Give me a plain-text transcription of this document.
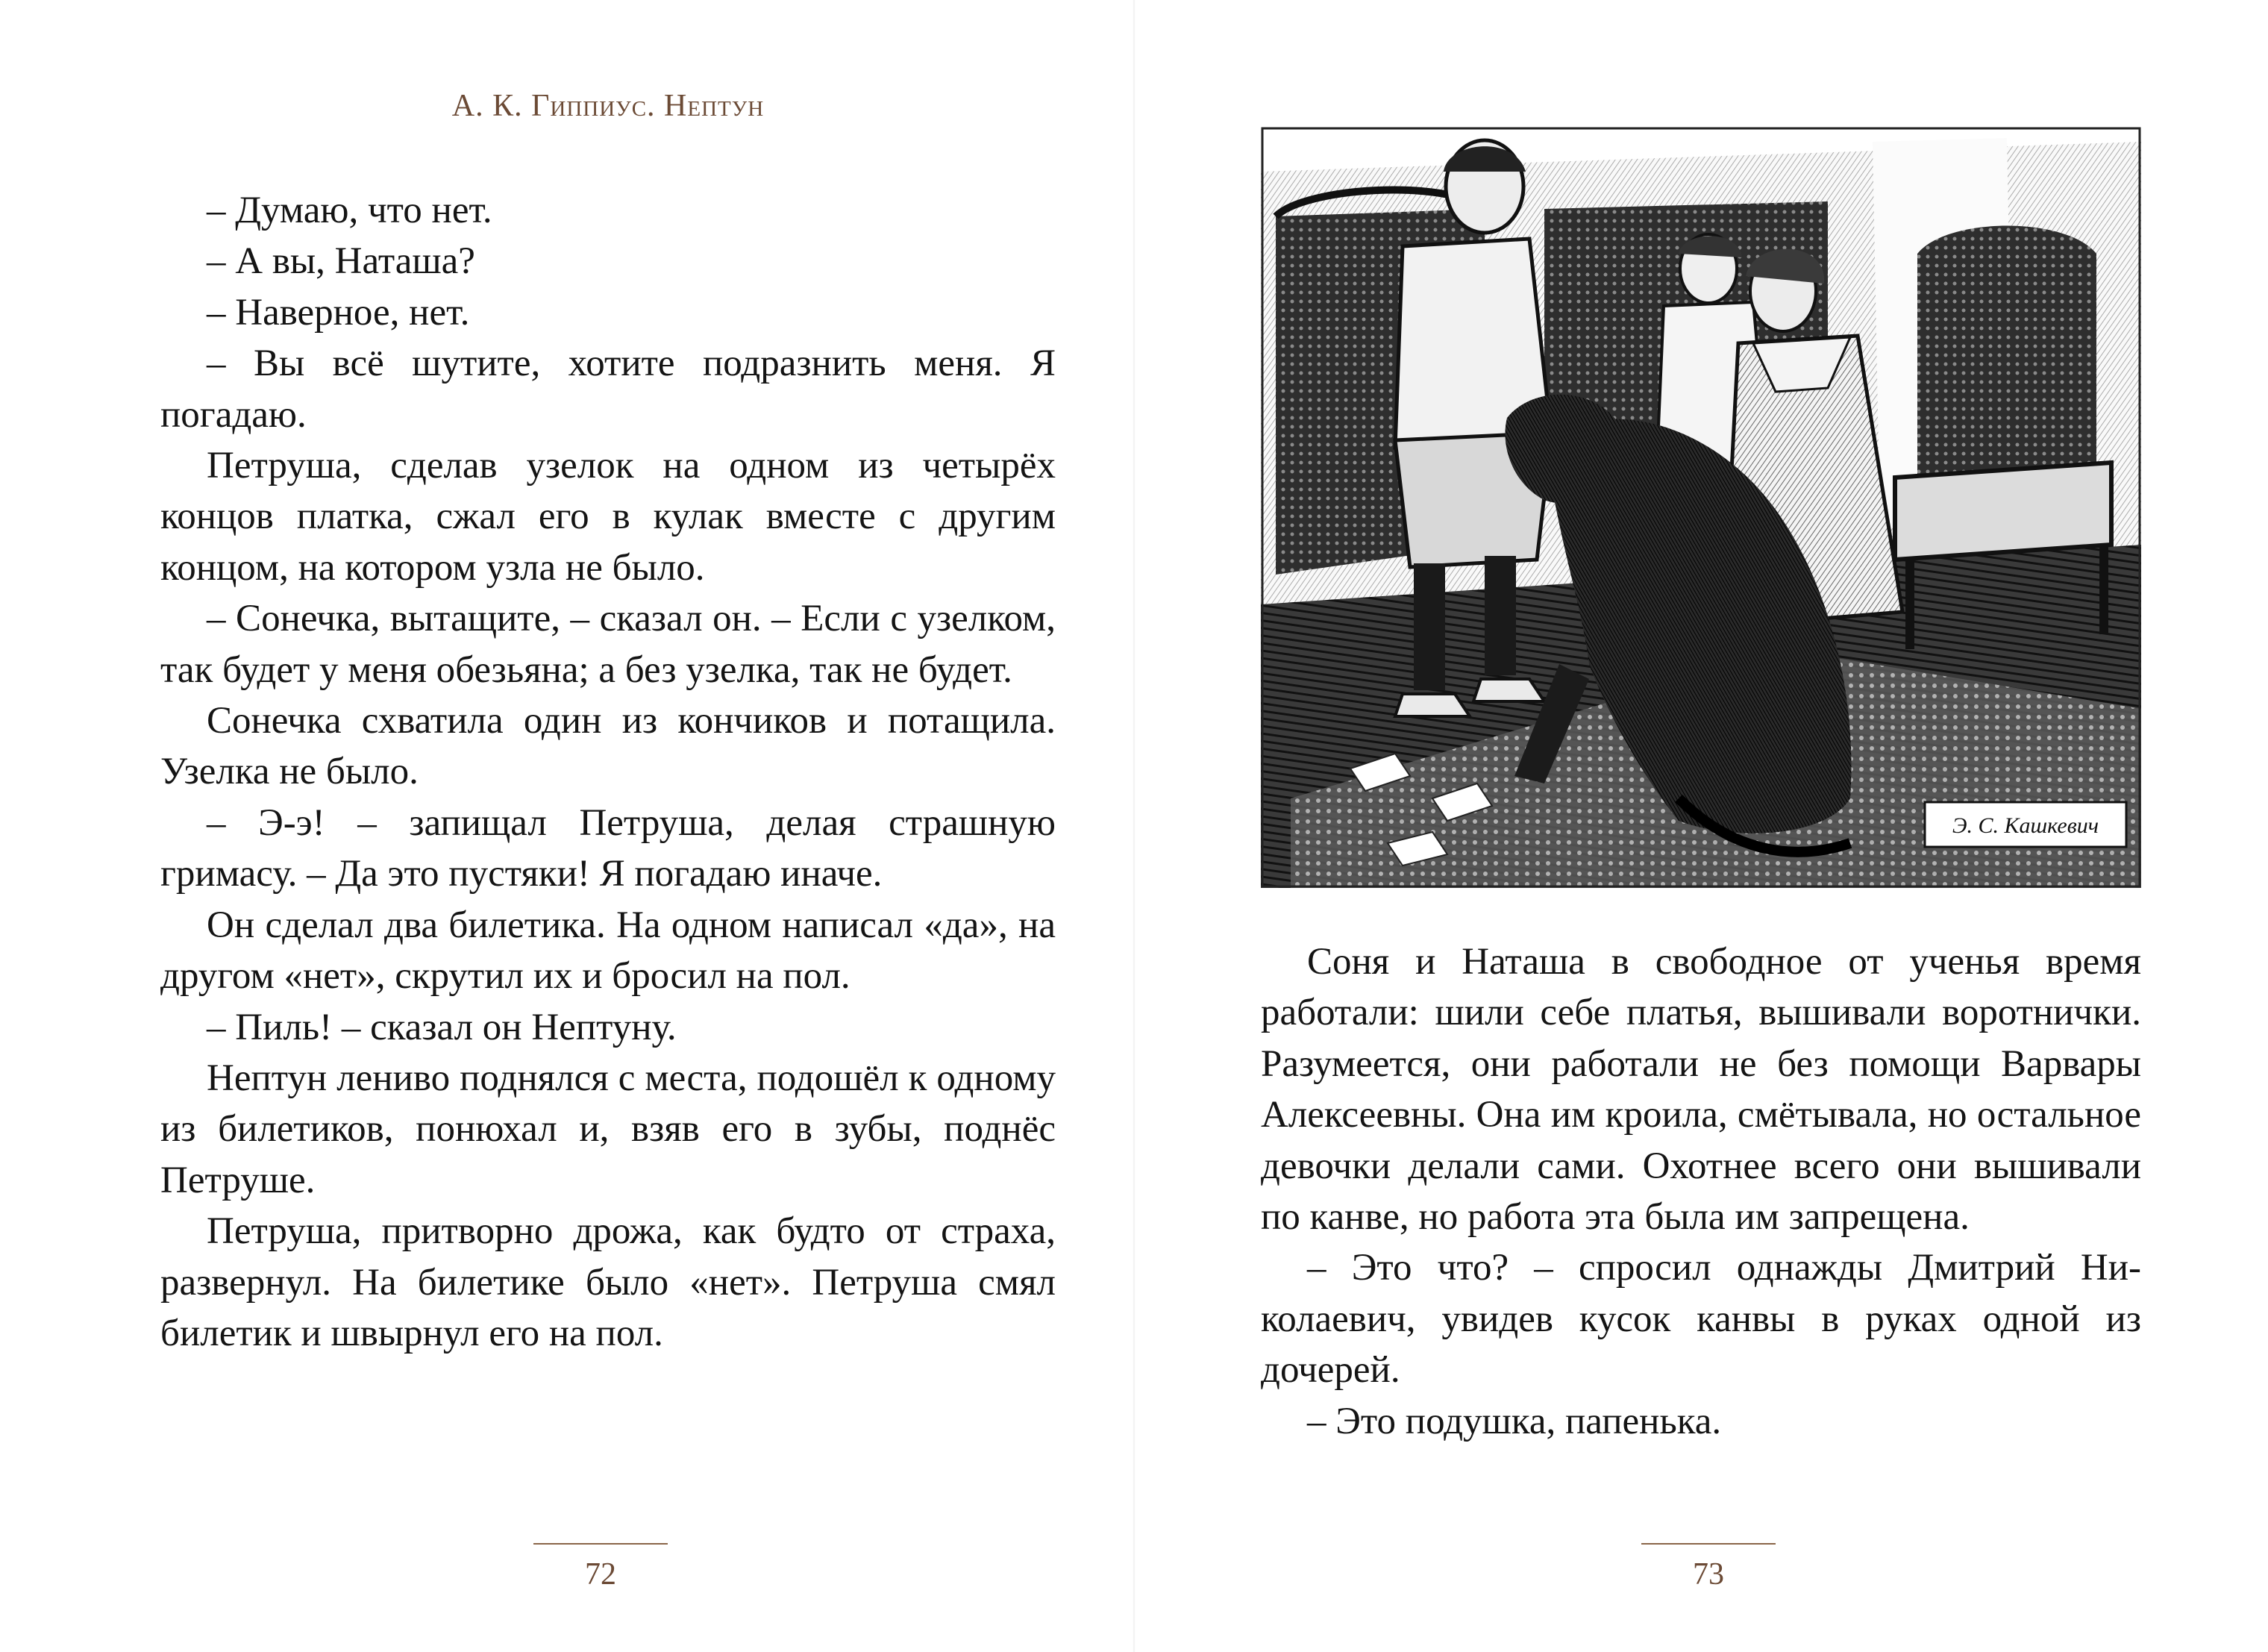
А. К. Гиппиус. Нептун

– Думаю, что нет.

– А вы, Наташа?

– Наверное, нет.

– Вы всё шутите, хотите подразнить меня. Я погадаю.

Петруша, сделав узелок на одном из четырёх концов платка, сжал его в кулак вместе с другим концом, на котором узла не было.

– Сонечка, вытащите, – сказал он. – Если с узелком, так будет у меня обезьяна; а без узелка, так не будет.

Сонечка схватила один из кончиков и потащила. Узелка не было.

– Э-э! – запищал Петруша, делая страшную гримасу. – Да это пустяки! Я погадаю иначе.

Он сделал два билетика. На одном написал «да», на другом «нет», скрутил их и бросил на пол.

– Пиль! – сказал он Нептуну.

Нептун лениво поднялся с места, подошёл к одному из билетиков, понюхал и, взяв его в зубы, поднёс Петруше.

Петруша, притворно дрожа, как будто от страха, развернул. На билетике было «нет». Петруша смял билетик и швырнул его на пол.

72
Э. С. Кашкевич

Соня и Наташа в свободное от ученья время работали: шили себе платья, вышивали воротнички. Разумеется, они работали не без помощи Варвары Алексеевны. Она им кроила, смётывала, но остальное девочки делали сами. Охотнее всего они вышивали по канве, но работа эта была им запрещена.

– Это что? – спросил однажды Дмитрий Николаевич, увидев кусок канвы в руках одной из дочерей.

– Это подушка, папенька.

73
